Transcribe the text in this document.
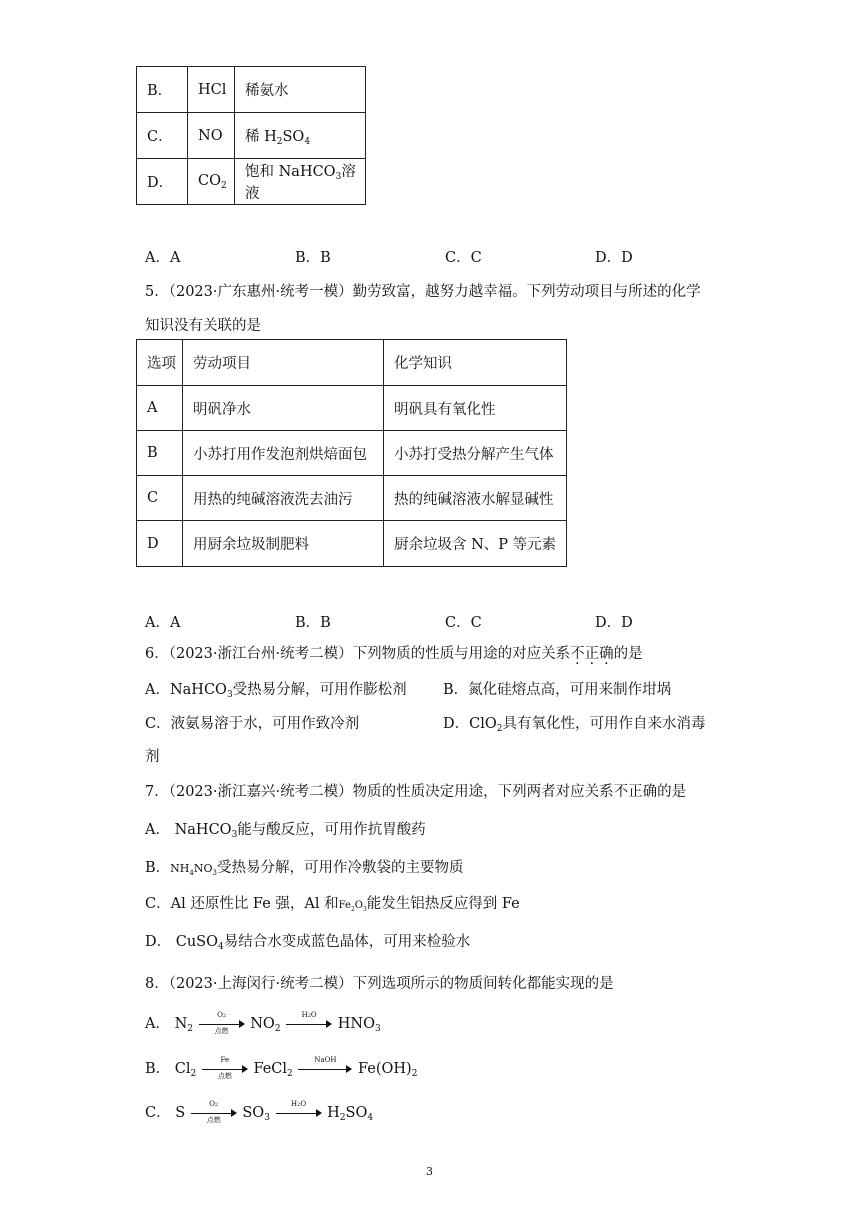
B．	HCl	稀氨水
C．	NO	稀 $H_2SO_4$
D．	$CO_2$	饱和 NaHCO$_3$溶液
A．A	B．B	C．C	D．D
5．（2023·广东惠州·统考一模）勤劳致富，越努力越幸福。下列劳动项目与所述的化学
知识没有关联的是
选项	劳动项目	化学知识
A	明矾净水	明矾具有氧化性
B	小苏打用作发泡剂烘焙面包	小苏打受热分解产生气体
C	用热的纯碱溶液洗去油污	热的纯碱溶液水解显碱性
D	用厨余垃圾制肥料	厨余垃圾含 N、P 等元素
A．A	B．B	C．C	D．D
6．（2023·浙江台州·统考二模）下列物质的性质与用途的对应关系不正确的是
A．NaHCO$_3$受热易分解，可用作膨松剂	B．氮化硅熔点高，可用来制作坩埚
C．液氨易溶于水，可用作致冷剂	D．ClO$_2$具有氧化性，可用作自来水消毒
剂
7．（2023·浙江嘉兴·统考二模）物质的性质决定用途，下列两者对应关系不正确的是
A． NaHCO$_3$能与酸反应，可用作抗胃酸药
B．$NH_4NO_3$受热易分解，可用作冷敷袋的主要物质
C．Al 还原性比 Fe 强，Al 和$Fe_2O_3$能发生铝热反应得到 Fe
D． CuSO$_4$易结合水变成蓝色晶体，可用来检验水
8．（2023·上海闵行·统考二模）下列选项所示的物质间转化都能实现的是
A． $N_2$
O2
点燃	$NO_2$
H2O
$HNO_3$
B． $Cl_2$
Fe
点燃	FeCl$_2$
NaOH
$Fe(OH)_2$
C． S
O2
点燃	$SO_3$
H2O
$H_2SO_4$
3
